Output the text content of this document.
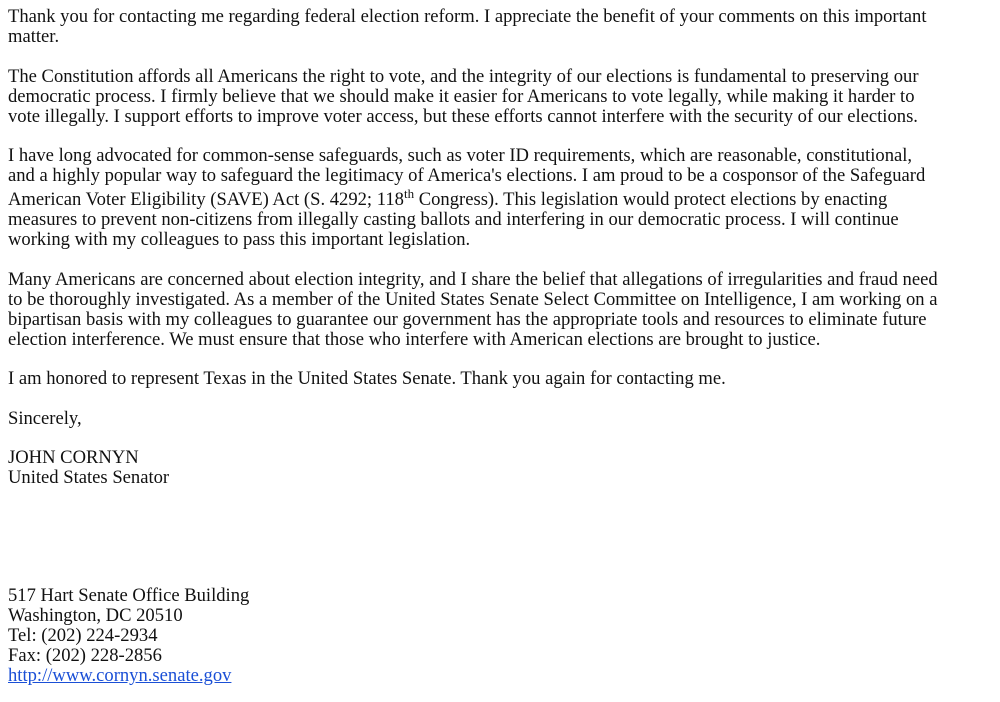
Thank you for contacting me regarding federal election reform. I appreciate the benefit of your comments on this important
matter.
The Constitution affords all Americans the right to vote, and the integrity of our elections is fundamental to preserving our
democratic process. I firmly believe that we should make it easier for Americans to vote legally, while making it harder to
vote illegally. I support efforts to improve voter access, but these efforts cannot interfere with the security of our elections.
I have long advocated for common-sense safeguards, such as voter ID requirements, which are reasonable, constitutional,
and a highly popular way to safeguard the legitimacy of America's elections. I am proud to be a cosponsor of the Safeguard
American Voter Eligibility (SAVE) Act (S. 4292; 118th Congress). This legislation would protect elections by enacting
measures to prevent non-citizens from illegally casting ballots and interfering in our democratic process. I will continue
working with my colleagues to pass this important legislation.
Many Americans are concerned about election integrity, and I share the belief that allegations of irregularities and fraud need
to be thoroughly investigated. As a member of the United States Senate Select Committee on Intelligence, I am working on a
bipartisan basis with my colleagues to guarantee our government has the appropriate tools and resources to eliminate future
election interference. We must ensure that those who interfere with American elections are brought to justice.
I am honored to represent Texas in the United States Senate. Thank you again for contacting me.
Sincerely,
JOHN CORNYN
United States Senator
517 Hart Senate Office Building
Washington, DC 20510
Tel: (202) 224-2934
Fax: (202) 228-2856
http://www.cornyn.senate.gov
